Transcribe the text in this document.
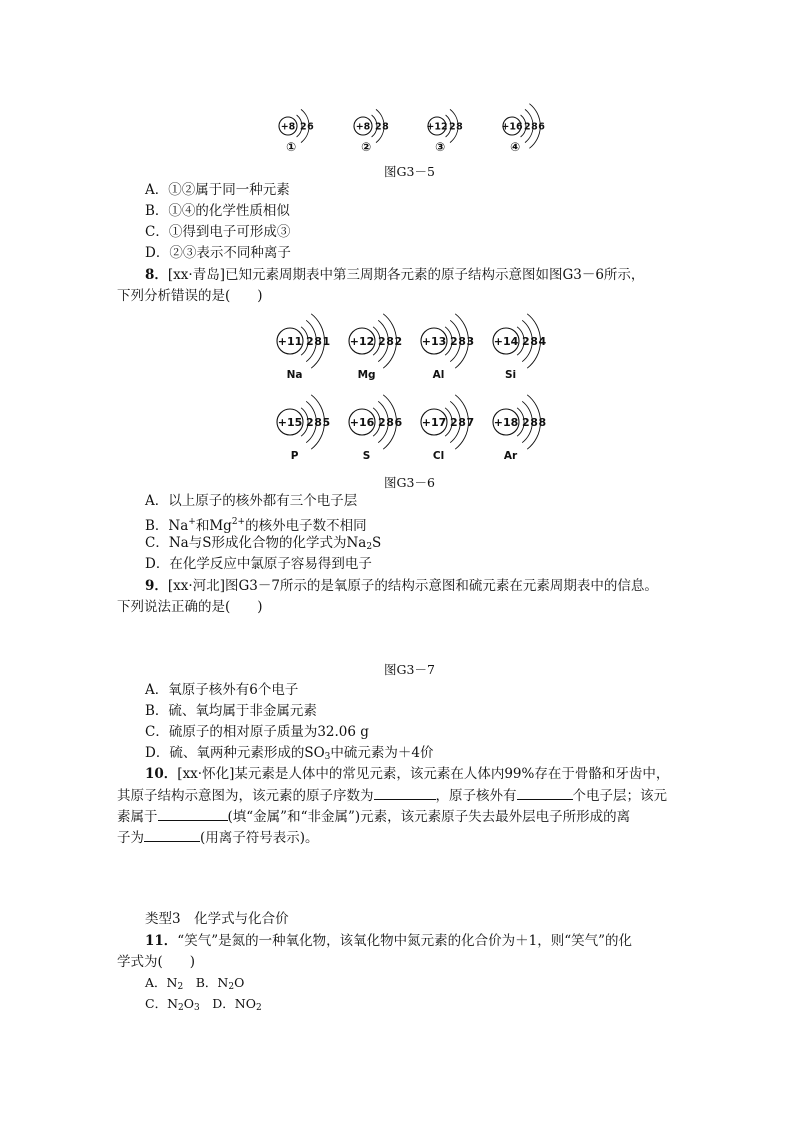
+8 2 6
①
+8 2 8
②
+12 2 8
③
+16 2 8 6
④
+11 2 8 1
Na
+12 2 8 2
Mg
+13 2 8 3
Al
+14 2 8 4
Si
+15 2 8 5
P
+16 2 8 6
S
+17 2 8 7
Cl
+18 2 8 8
Ar
图G3－5
A．①②属于同一种元素
B．①④的化学性质相似
C．①得到电子可形成③
D．②③表示不同种离子
8．[xx·青岛]已知元素周期表中第三周期各元素的原子结构示意图如图G3－6所示，
下列分析错误的是(　　)
图G3－6
A．以上原子的核外都有三个电子层
B．Na+和$Mg^{2+}$的核外电子数不相同
C．Na与S形成化合物的化学式为$Na_2S$
D．在化学反应中氯原子容易得到电子
9．[xx·河北]图G3－7所示的是氧原子的结构示意图和硫元素在元素周期表中的信息。
下列说法正确的是(　　)
图G3－7
A．氧原子核外有6个电子
B．硫、氧均属于非金属元素
C．硫原子的相对原子质量为32.06 g
D．硫、氧两种元素形成的$SO_3$中硫元素为＋4价
10．[xx·怀化]某元素是人体中的常见元素，该元素在人体内99%存在于骨骼和牙齿中，
其原子结构示意图为，该元素的原子序数为	，原子核外有	个电子层；该元
素属于	(填“金属”和“非金属”)元素，该元素原子失去最外层电子所形成的离
子为	(用离子符号表示)。
类型3　化学式与化合价
11．“笑气”是氮的一种氧化物，该氧化物中氮元素的化合价为＋1，则“笑气”的化
学式为(　　)
A．$N_2$　B．$N_2O$
C．$N_2O_3$　D．$NO_2$
